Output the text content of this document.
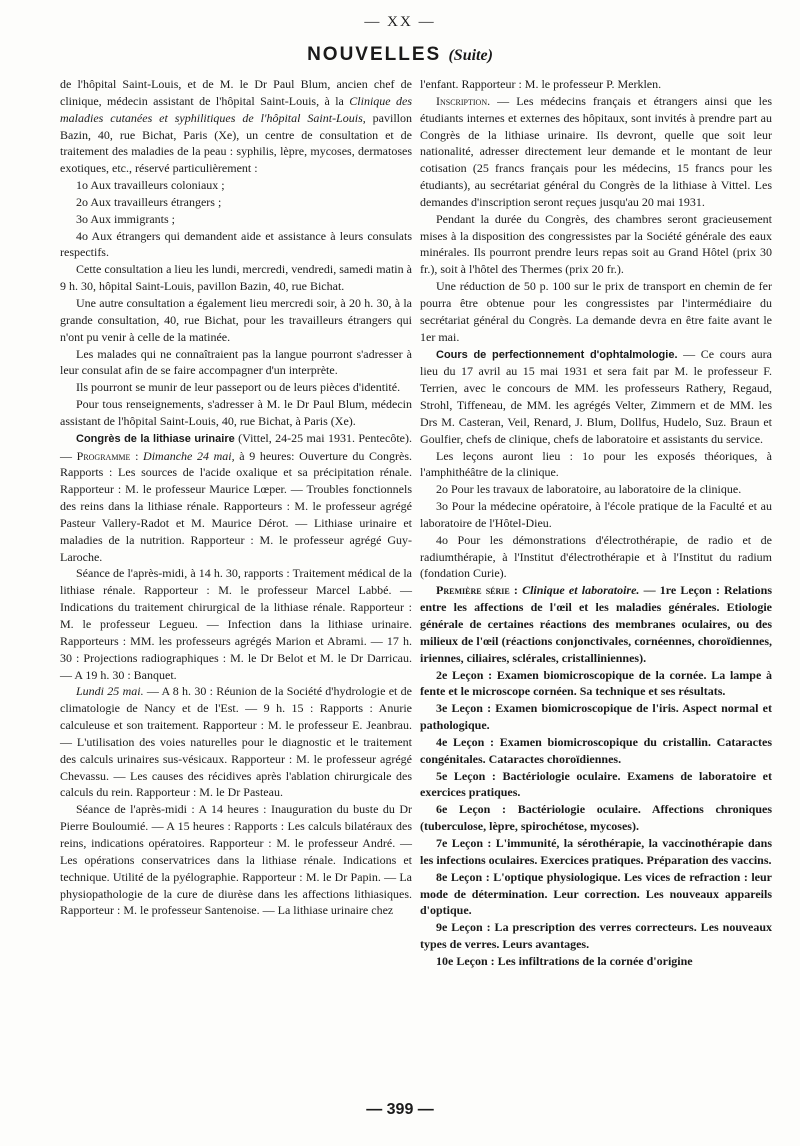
— XX —
NOUVELLES (Suite)

de l'hôpital Saint-Louis, et de M. le Dr Paul Blum, ancien chef de clinique, médecin assistant de l'hôpital Saint-Louis, à la Clinique des maladies cutanées et syphilitiques de l'hôpital Saint-Louis, pavillon Bazin, 40, rue Bichat, Paris (Xe), un centre de consultation et de traitement des maladies de la peau : syphilis, lèpre, mycoses, dermatoses exotiques, etc., réservé particulièrement :

1o Aux travailleurs coloniaux ;

2o Aux travailleurs étrangers ;

3o Aux immigrants ;

4o Aux étrangers qui demandent aide et assistance à leurs consulats respectifs.

Cette consultation a lieu les lundi, mercredi, vendredi, samedi matin à 9 h. 30, hôpital Saint-Louis, pavillon Bazin, 40, rue Bichat.

Une autre consultation a également lieu mercredi soir, à 20 h. 30, à la grande consultation, 40, rue Bichat, pour les travailleurs étrangers qui n'ont pu venir à celle de la matinée.

Les malades qui ne connaîtraient pas la langue pourront s'adresser à leur consulat afin de se faire accompagner d'un interprète.

Ils pourront se munir de leur passeport ou de leurs pièces d'identité.

Pour tous renseignements, s'adresser à M. le Dr Paul Blum, médecin assistant de l'hôpital Saint-Louis, 40, rue Bichat, à Paris (Xe).

Congrès de la lithiase urinaire (Vittel, 24-25 mai 1931. Pentecôte).— Programme : Dimanche 24 mai, à 9 heures: Ouverture du Congrès. Rapports : Les sources de l'acide oxalique et sa précipitation rénale. Rapporteur : M. le professeur Maurice Lœper. — Troubles fonctionnels des reins dans la lithiase rénale. Rapporteurs : M. le professeur agrégé Pasteur Vallery-Radot et M. Maurice Dérot. — Lithiase urinaire et maladies de la nutrition. Rapporteur : M. le professeur agrégé Guy-Laroche.

Séance de l'après-midi, à 14 h. 30, rapports : Traitement médical de la lithiase rénale. Rapporteur : M. le professeur Marcel Labbé. — Indications du traitement chirurgical de la lithiase rénale. Rapporteur : M. le professeur Legueu. — Infection dans la lithiase urinaire. Rapporteurs : MM. les professeurs agrégés Marion et Abrami. — 17 h. 30 : Projections radiographiques : M. le Dr Belot et M. le Dr Darricau. — A 19 h. 30 : Banquet.

Lundi 25 mai. — A 8 h. 30 : Réunion de la Société d'hydrologie et de climatologie de Nancy et de l'Est. — 9 h. 15 : Rapports : Anurie calculeuse et son traitement. Rapporteur : M. le professeur E. Jeanbrau. — L'utilisation des voies naturelles pour le diagnostic et le traitement des calculs urinaires sus-vésicaux. Rapporteur : M. le professeur agrégé Chevassu. — Les causes des récidives après l'ablation chirurgicale des calculs du rein. Rapporteur : M. le Dr Pasteau.

Séance de l'après-midi : A 14 heures : Inauguration du buste du Dr Pierre Bouloumié. — A 15 heures : Rapports : Les calculs bilatéraux des reins, indications opératoires. Rapporteur : M. le professeur André. — Les opérations conservatrices dans la lithiase rénale. Indications et technique. Utilité de la pyélographie. Rapporteur : M. le Dr Papin. — La physiopathologie de la cure de diurèse dans les affections lithiasiques. Rapporteur : M. le professeur Santenoise. — La lithiase urinaire chez

l'enfant. Rapporteur : M. le professeur P. Merklen.

Inscription. — Les médecins français et étrangers ainsi que les étudiants internes et externes des hôpitaux, sont invités à prendre part au Congrès de la lithiase urinaire. Ils devront, quelle que soit leur nationalité, adresser directement leur demande et le montant de leur cotisation (25 francs français pour les médecins, 15 francs pour les étudiants), au secrétariat général du Congrès de la lithiase à Vittel. Les demandes d'inscription seront reçues jusqu'au 20 mai 1931.

Pendant la durée du Congrès, des chambres seront gracieusement mises à la disposition des congressistes par la Société générale des eaux minérales. Ils pourront prendre leurs repas soit au Grand Hôtel (prix 30 fr.), soit à l'hôtel des Thermes (prix 20 fr.).

Une réduction de 50 p. 100 sur le prix de transport en chemin de fer pourra être obtenue pour les congressistes par l'intermédiaire du secrétariat général du Congrès. La demande devra en être faite avant le 1er mai.

Cours de perfectionnement d'ophtalmologie. — Ce cours aura lieu du 17 avril au 15 mai 1931 et sera fait par M. le professeur F. Terrien, avec le concours de MM. les professeurs Rathery, Regaud, Strohl, Tiffeneau, de MM. les agrégés Velter, Zimmern et de MM. les Drs M. Casteran, Veil, Renard, J. Blum, Dollfus, Hudelo, Suz. Braun et Goulfier, chefs de clinique, chefs de laboratoire et assistants du service.

Les leçons auront lieu : 1o pour les exposés théoriques, à l'amphithéâtre de la clinique.

2o Pour les travaux de laboratoire, au laboratoire de la clinique.

3o Pour la médecine opératoire, à l'école pratique de la Faculté et au laboratoire de l'Hôtel-Dieu.

4o Pour les démonstrations d'électrothérapie, de radio et de radiumthérapie, à l'Institut d'électrothérapie et à l'Institut du radium (fondation Curie).

Première série : Clinique et laboratoire. — 1re Leçon : Relations entre les affections de l'œil et les maladies générales. Etiologie générale de certaines réactions des membranes oculaires, ou des milieux de l'œil (réactions conjonctivales, cornéennes, choroïdiennes, iriennes, ciliaires, sclérales, cristalliniennes).

2e Leçon : Examen biomicroscopique de la cornée. La lampe à fente et le microscope cornéen. Sa technique et ses résultats.

3e Leçon : Examen biomicroscopique de l'iris. Aspect normal et pathologique.

4e Leçon : Examen biomicroscopique du cristallin. Cataractes congénitales. Cataractes choroïdiennes.

5e Leçon : Bactériologie oculaire. Examens de laboratoire et exercices pratiques.

6e Leçon : Bactériologie oculaire. Affections chroniques (tuberculose, lèpre, spirochétose, mycoses).

7e Leçon : L'immunité, la sérothérapie, la vaccinothérapie dans les infections oculaires. Exercices pratiques. Préparation des vaccins.

8e Leçon : L'optique physiologique. Les vices de refraction : leur mode de détermination. Leur correction. Les nouveaux appareils d'optique.

9e Leçon : La prescription des verres correcteurs. Les nouveaux types de verres. Leurs avantages.

10e Leçon : Les infiltrations de la cornée d'origine

— 399 —
